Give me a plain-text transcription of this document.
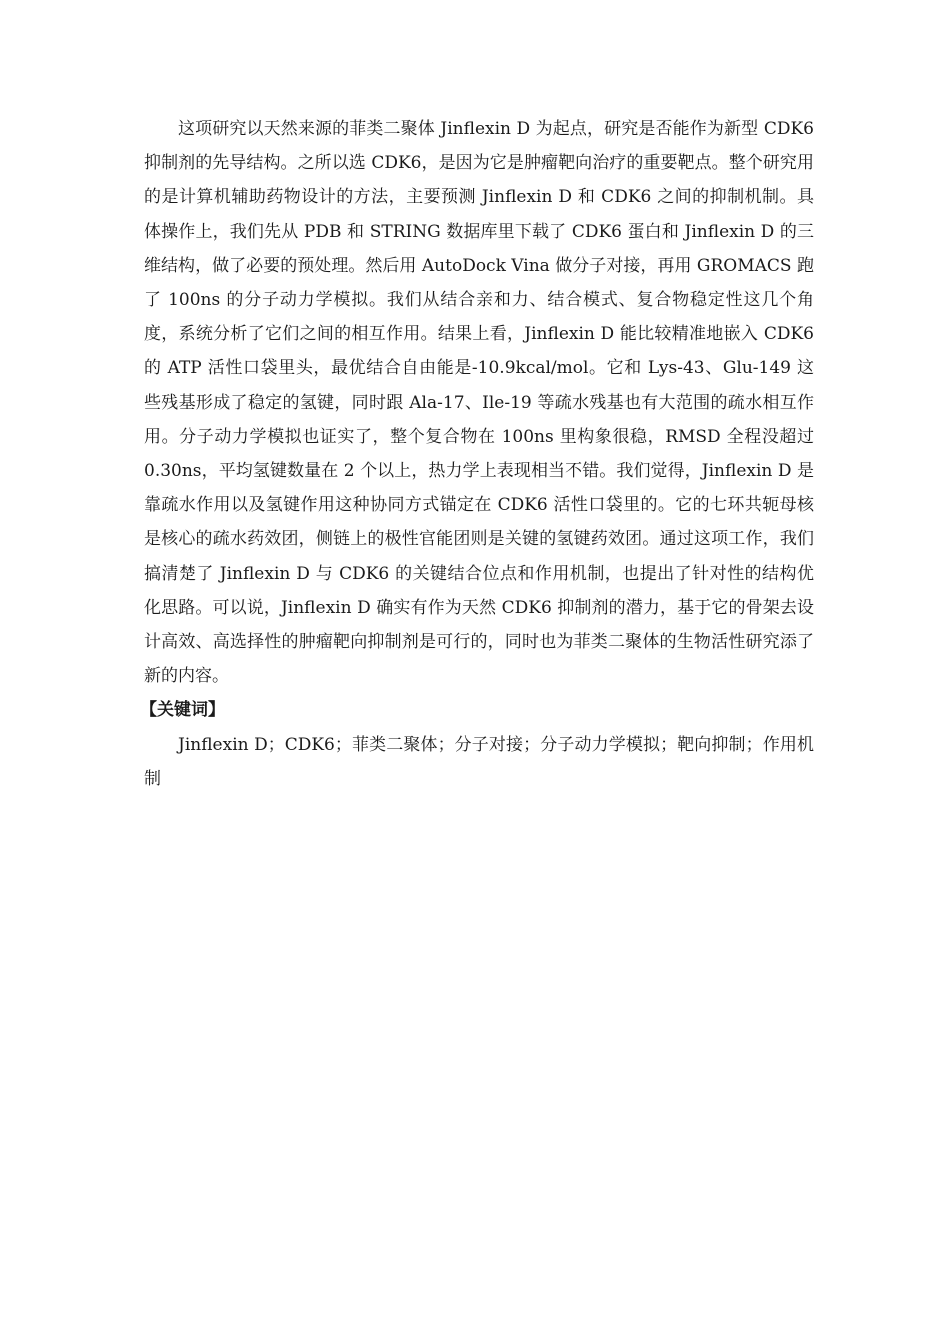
这项研究以天然来源的菲类二聚体 Jinflexin D 为起点，研究是否能作为新型 CDK6 抑制剂的先导结构。之所以选 CDK6，是因为它是肿瘤靶向治疗的重要靶点。整个研究用的是计算机辅助药物设计的方法，主要预测 Jinflexin D 和 CDK6 之间的抑制机制。具体操作上，我们先从 PDB 和 STRING 数据库里下载了 CDK6 蛋白和 Jinflexin D 的三维结构，做了必要的预处理。然后用 AutoDock Vina 做分子对接，再用 GROMACS 跑了 100ns 的分子动力学模拟。我们从结合亲和力、结合模式、复合物稳定性这几个角度，系统分析了它们之间的相互作用。结果上看，Jinflexin D 能比较精准地嵌入 CDK6 的 ATP 活性口袋里头，最优结合自由能是-10.9kcal/mol。它和 Lys-43、Glu-149 这些残基形成了稳定的氢键，同时跟 Ala-17、Ile-19 等疏水残基也有大范围的疏水相互作用。分子动力学模拟也证实了，整个复合物在 100ns 里构象很稳，RMSD 全程没超过 0.30ns，平均氢键数量在 2 个以上，热力学上表现相当不错。我们觉得，Jinflexin D 是靠疏水作用以及氢键作用这种协同方式锚定在 CDK6 活性口袋里的。它的七环共轭母核是核心的疏水药效团，侧链上的极性官能团则是关键的氢键药效团。通过这项工作，我们搞清楚了 Jinflexin D 与 CDK6 的关键结合位点和作用机制，也提出了针对性的结构优化思路。可以说，Jinflexin D 确实有作为天然 CDK6 抑制剂的潜力，基于它的骨架去设计高效、高选择性的肿瘤靶向抑制剂是可行的，同时也为菲类二聚体的生物活性研究添了新的内容。

【关键词】

Jinflexin D；CDK6；菲类二聚体；分子对接；分子动力学模拟；靶向抑制；作用机制
